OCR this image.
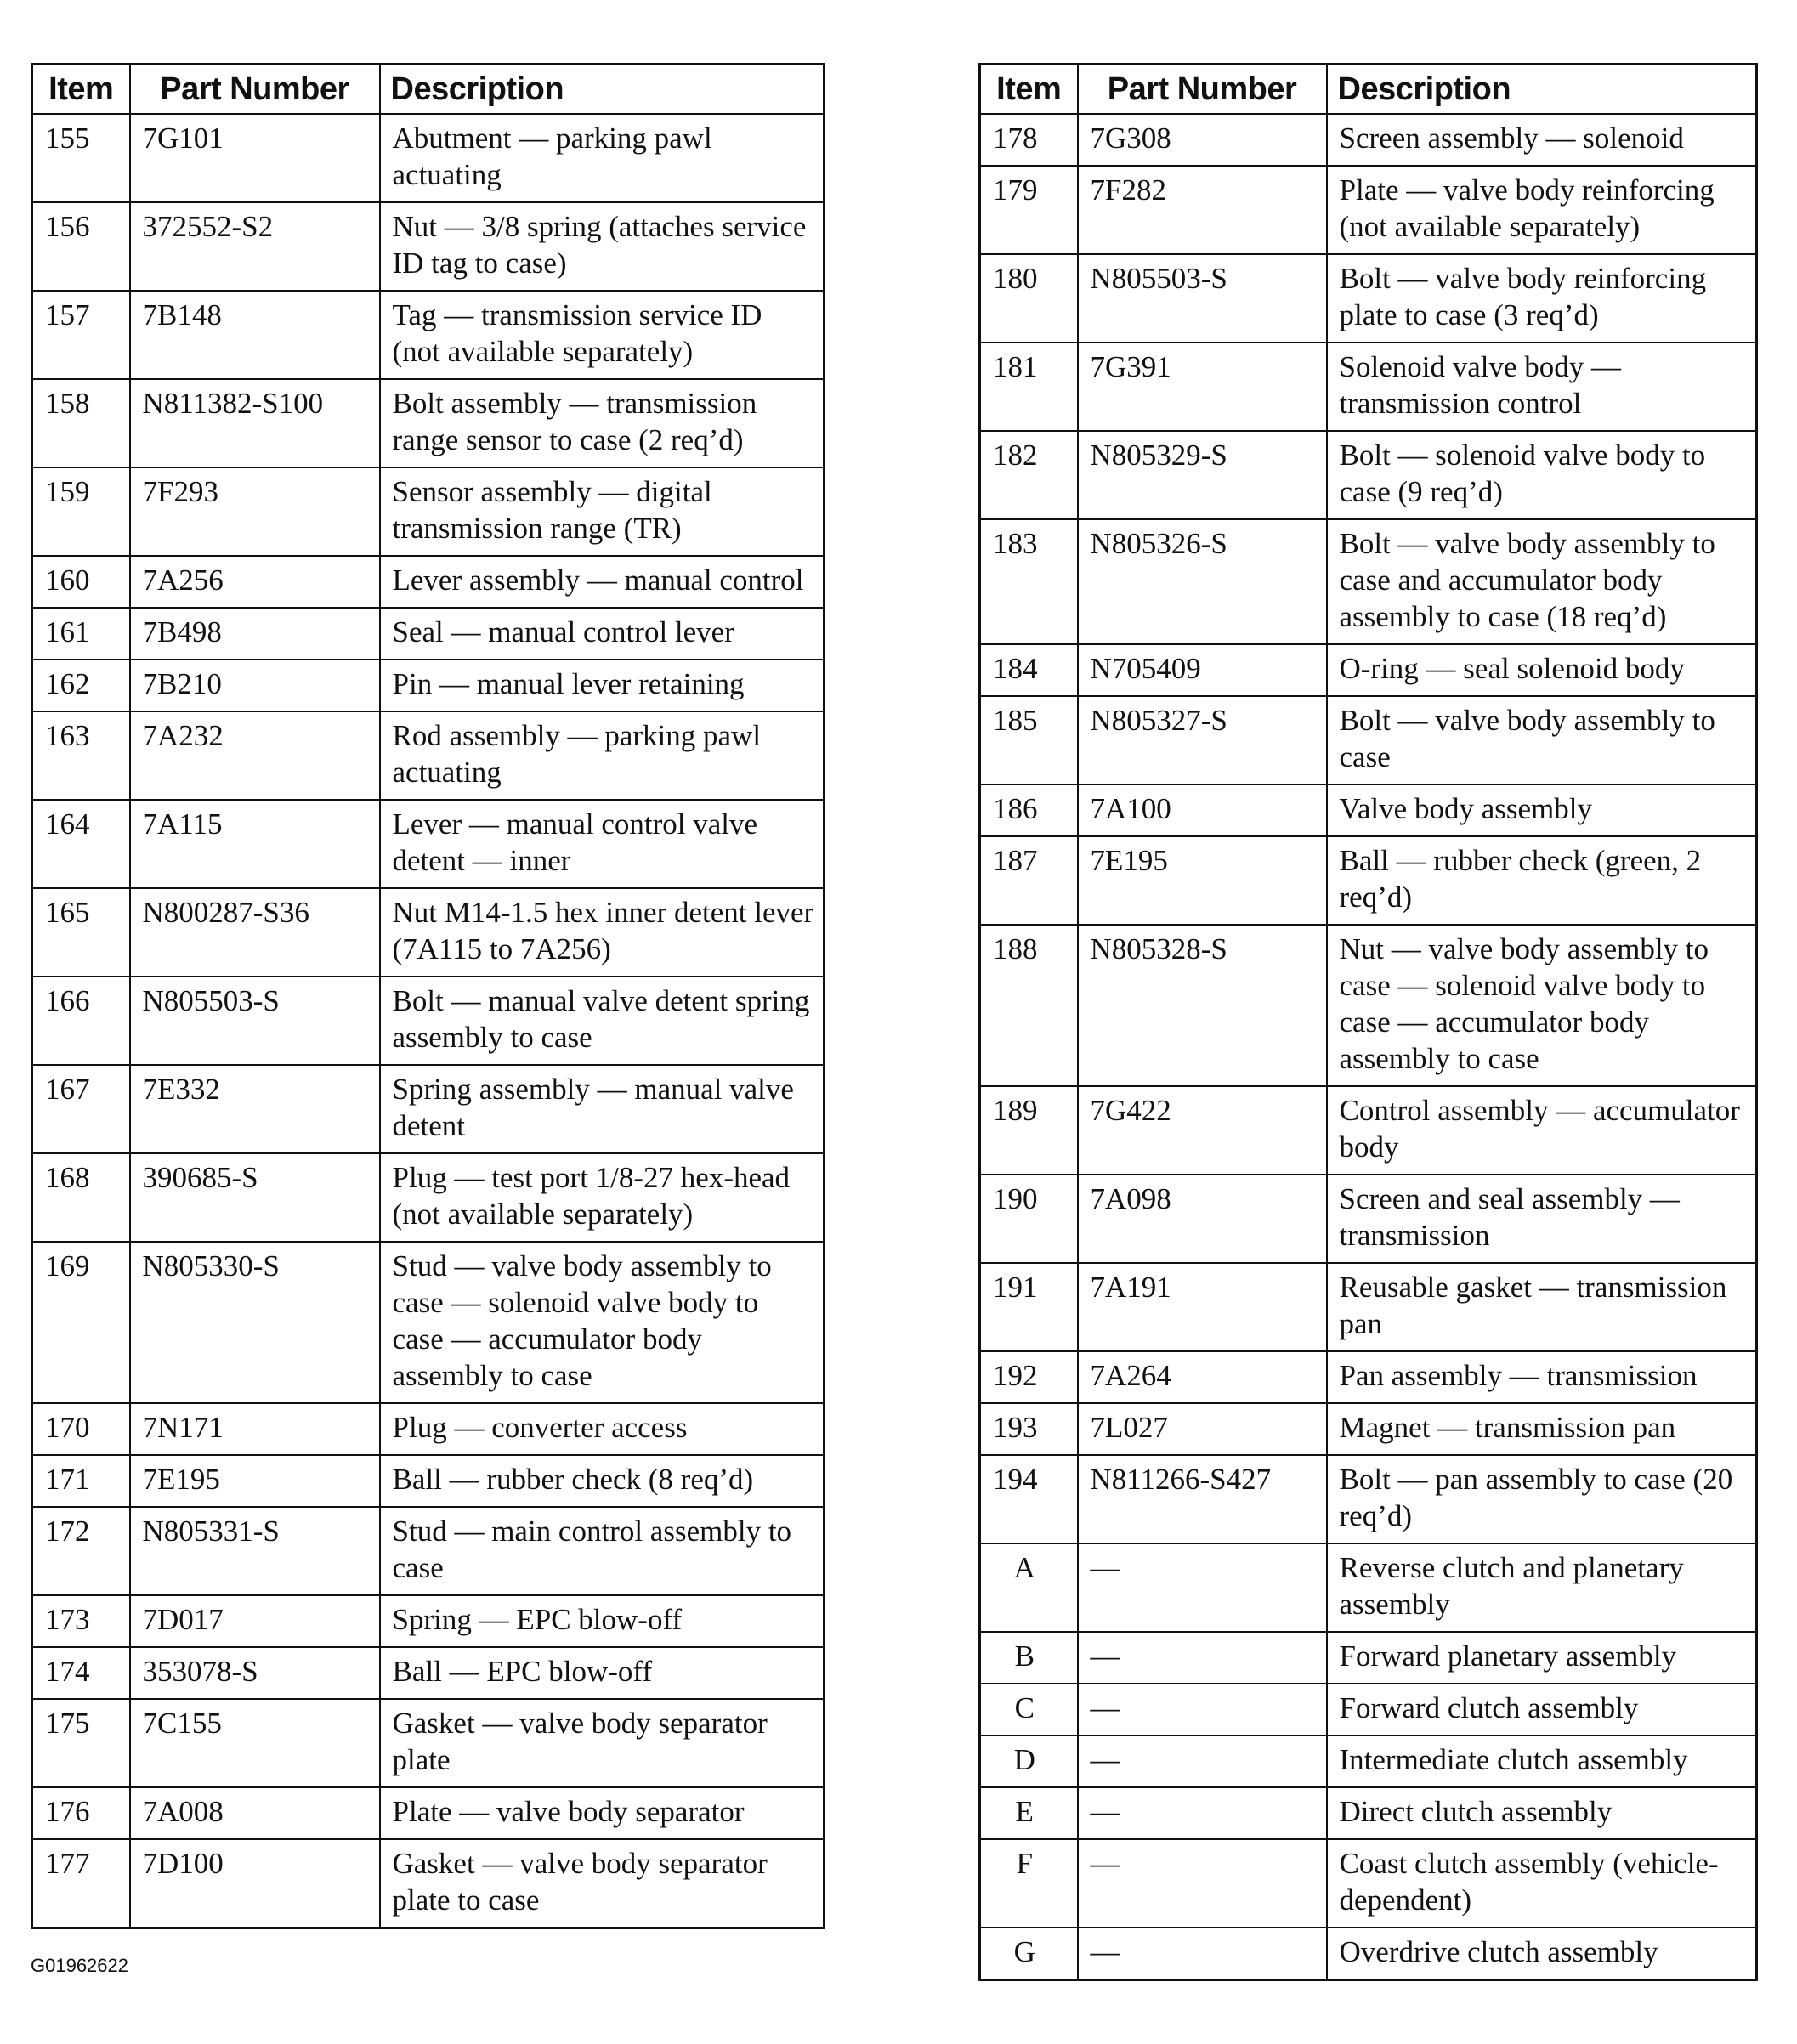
Item	Part Number	Description
155	7G101	Abutment — parking pawl actuating
156	372552-S2	Nut — 3/8 spring (attaches service ID tag to case)
157	7B148	Tag — transmission service ID (not available separately)
158	N811382-S100	Bolt assembly — transmission range sensor to case (2 req’d)
159	7F293	Sensor assembly — digital transmission range (TR)
160	7A256	Lever assembly — manual control
161	7B498	Seal — manual control lever
162	7B210	Pin — manual lever retaining
163	7A232	Rod assembly — parking pawl actuating
164	7A115	Lever — manual control valve detent — inner
165	N800287-S36	Nut M14-1.5 hex inner detent lever (7A115 to 7A256)
166	N805503-S	Bolt — manual valve detent spring assembly to case
167	7E332	Spring assembly — manual valve detent
168	390685-S	Plug — test port 1/8-27 hex-head (not available separately)
169	N805330-S	Stud — valve body assembly to case — solenoid valve body to case — accumulator body assembly to case
170	7N171	Plug — converter access
171	7E195	Ball — rubber check (8 req’d)
172	N805331-S	Stud — main control assembly to case
173	7D017	Spring — EPC blow-off
174	353078-S	Ball — EPC blow-off
175	7C155	Gasket — valve body separator plate
176	7A008	Plate — valve body separator
177	7D100	Gasket — valve body separator plate to case
Item	Part Number	Description
178	7G308	Screen assembly — solenoid
179	7F282	Plate — valve body reinforcing (not available separately)
180	N805503-S	Bolt — valve body reinforcing plate to case (3 req’d)
181	7G391	Solenoid valve body — transmission control
182	N805329-S	Bolt — solenoid valve body to case (9 req’d)
183	N805326-S	Bolt — valve body assembly to case and accumulator body assembly to case (18 req’d)
184	N705409	O-ring — seal solenoid body
185	N805327-S	Bolt — valve body assembly to case
186	7A100	Valve body assembly
187	7E195	Ball — rubber check (green, 2 req’d)
188	N805328-S	Nut — valve body assembly to case — solenoid valve body to case — accumulator body assembly to case
189	7G422	Control assembly — accumulator body
190	7A098	Screen and seal assembly — transmission
191	7A191	Reusable gasket — transmission pan
192	7A264	Pan assembly — transmission
193	7L027	Magnet — transmission pan
194	N811266-S427	Bolt — pan assembly to case (20 req’d)
A	—	Reverse clutch and planetary assembly
B	—	Forward planetary assembly
C	—	Forward clutch assembly
D	—	Intermediate clutch assembly
E	—	Direct clutch assembly
F	—	Coast clutch assembly (vehicle-dependent)
G	—	Overdrive clutch assembly
G01962622
